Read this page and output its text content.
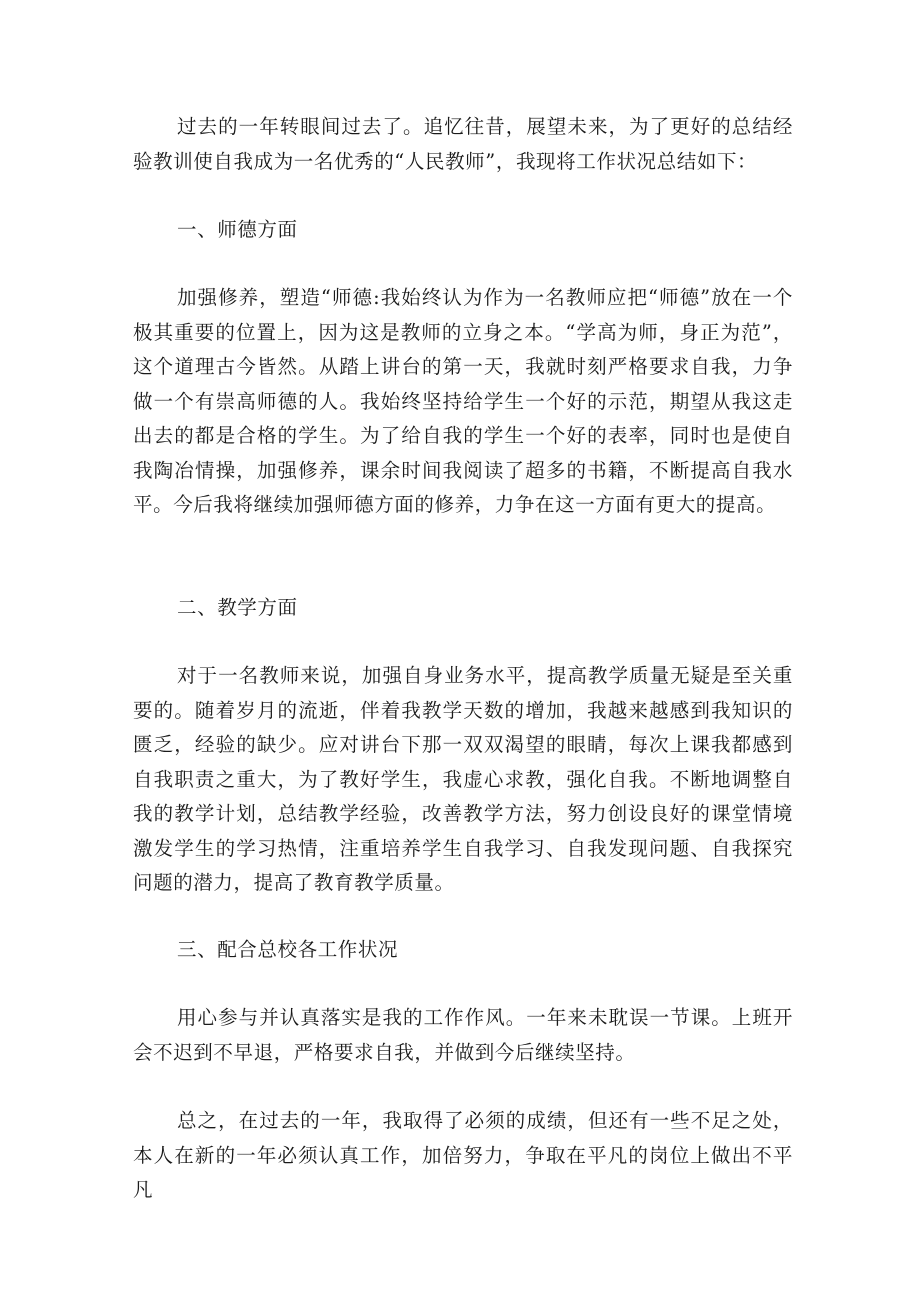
过去的一年转眼间过去了。追忆往昔，展望未来，为了更好的总结经验教训使自我成为一名优秀的“人民教师”，我现将工作状况总结如下：

一、师德方面

加强修养，塑造“师德:我始终认为作为一名教师应把“师德”放在一个极其重要的位置上，因为这是教师的立身之本。“学高为师，身正为范”，这个道理古今皆然。从踏上讲台的第一天，我就时刻严格要求自我，力争做一个有崇高师德的人。我始终坚持给学生一个好的示范，期望从我这走出去的都是合格的学生。为了给自我的学生一个好的表率，同时也是使自我陶冶情操，加强修养，课余时间我阅读了超多的书籍，不断提高自我水平。今后我将继续加强师德方面的修养，力争在这一方面有更大的提高。

二、教学方面

对于一名教师来说，加强自身业务水平，提高教学质量无疑是至关重要的。随着岁月的流逝，伴着我教学天数的增加，我越来越感到我知识的匮乏，经验的缺少。应对讲台下那一双双渴望的眼睛，每次上课我都感到自我职责之重大，为了教好学生，我虚心求教，强化自我。不断地调整自我的教学计划，总结教学经验，改善教学方法，努力创设良好的课堂情境激发学生的学习热情，注重培养学生自我学习、自我发现问题、自我探究问题的潜力，提高了教育教学质量。

三、配合总校各工作状况

用心参与并认真落实是我的工作作风。一年来未耽误一节课。上班开会不迟到不早退，严格要求自我，并做到今后继续坚持。

总之，在过去的一年，我取得了必须的成绩，但还有一些不足之处，本人在新的一年必须认真工作，加倍努力，争取在平凡的岗位上做出不平凡
